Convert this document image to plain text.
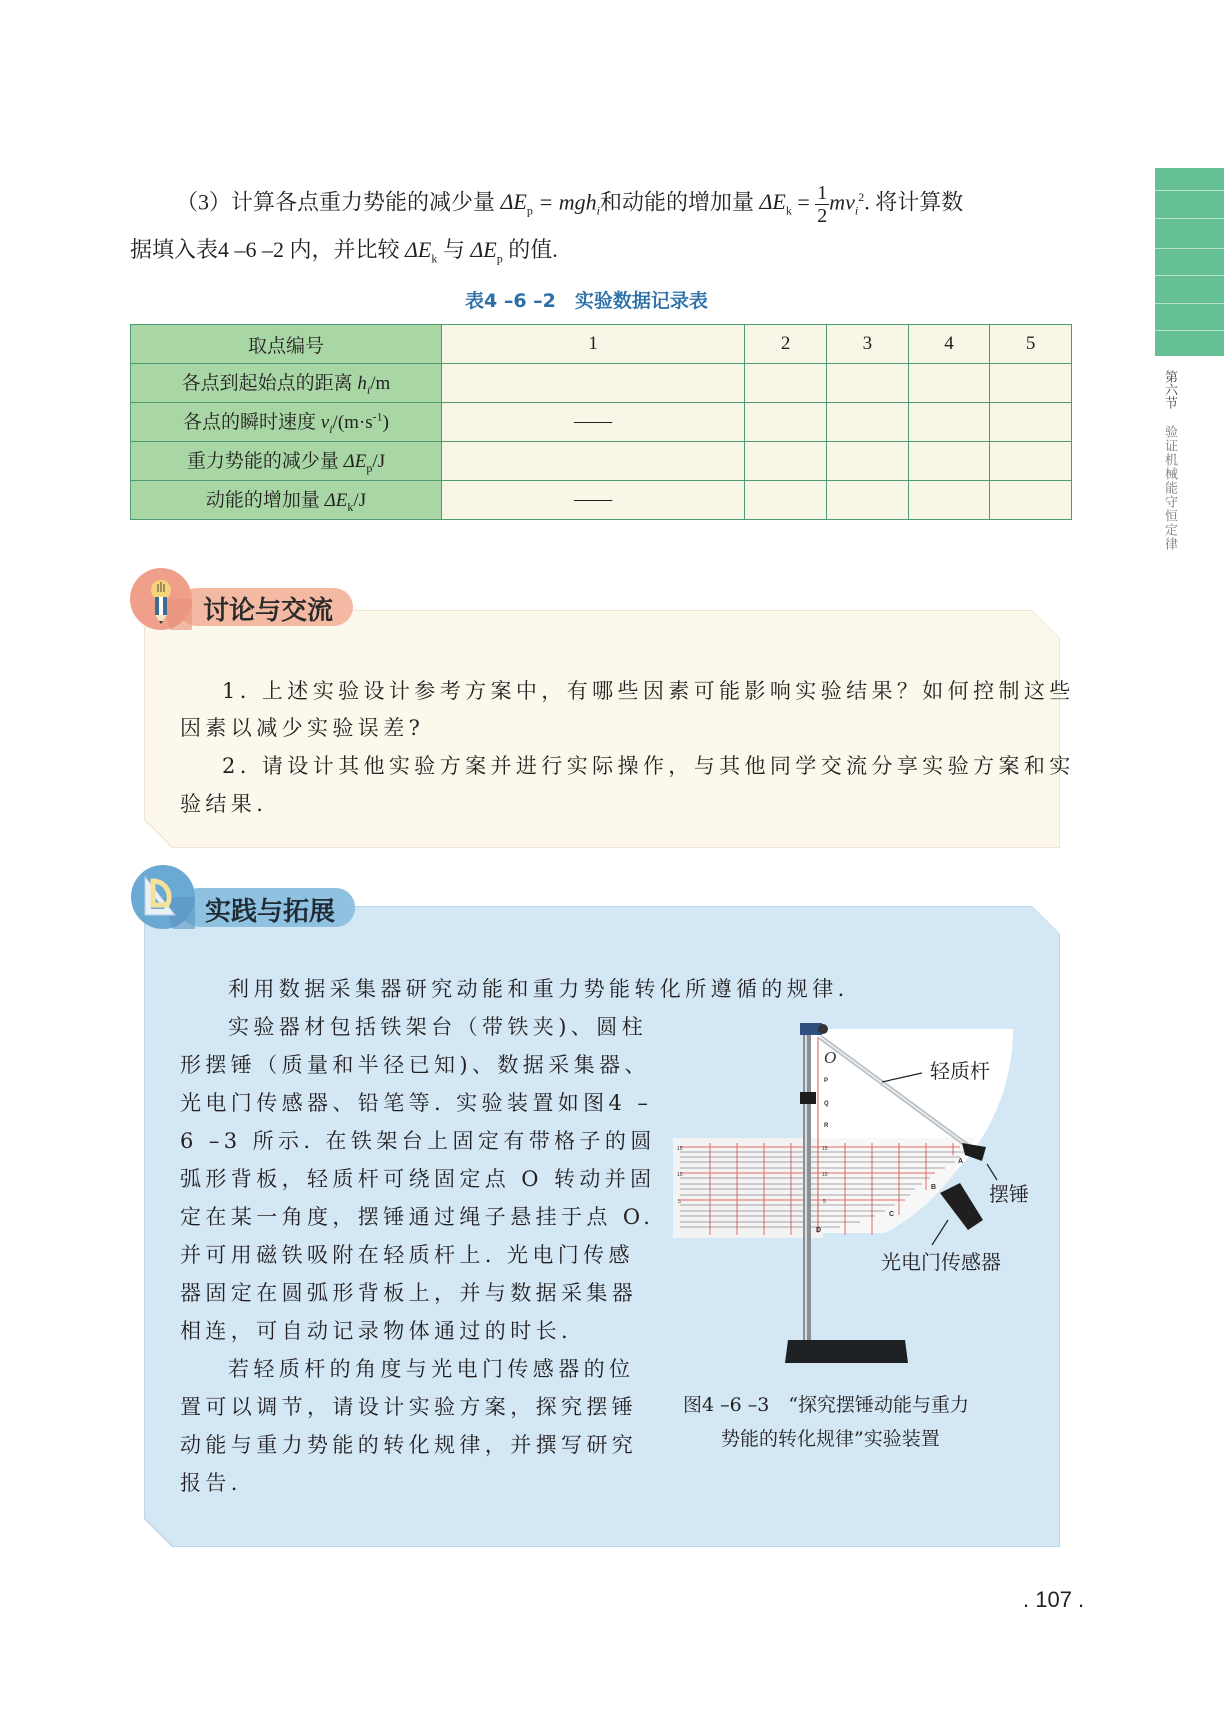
（3）计算各点重力势能的减少量 $\Delta E_p = mgh_i$和动能的增加量 $\Delta E_k = \frac{1}{2} mv_i^2$. 将计算数
据填入表4 –6 –2 内，并比较 $\Delta E_k$ 与 $\Delta E_p$ 的值.
第六节
验证机械能守恒定律
表4 –6 –2　实验数据记录表
取点编号	1	2	3	4	5
各点到起始点的距离 $h_i/m$					
各点的瞬时速度 $v_i/(m\cdot s^{-1})$	——				
重力势能的减少量 $\Delta E_p/J$					
动能的增加量 $\Delta E_k/J$	——				
讨论与交流
1. 上述实验设计参考方案中，有哪些因素可能影响实验结果？如何控制这些
因素以减少实验误差?
2. 请设计其他实验方案并进行实际操作，与其他同学交流分享实验方案和实
验结果.
实践与拓展
利用数据采集器研究动能和重力势能转化所遵循的规律.
实验器材包括铁架台（带铁夹)、圆柱
形摆锤（质量和半径已知)、数据采集器、
光电门传感器、铅笔等. 实验装置如图4 –
6 –3 所示. 在铁架台上固定有带格子的圆
弧形背板，轻质杆可绕固定点 O 转动并固
定在某一角度，摆锤通过绳子悬挂于点 O.
并可用磁铁吸附在轻质杆上. 光电门传感
器固定在圆弧形背板上，并与数据采集器
相连，可自动记录物体通过的时长.
若轻质杆的角度与光电门传感器的位
置可以调节，请设计实验方案，探究摆锤
动能与重力势能的转化规律，并撰写研究
报告.
O
P
Q
R
A
B
C
D
15
10
5
15
10
5
轻质杆
摆锤
光电门传感器
图4 –6 –3　“探究摆锤动能与重力
势能的转化规律”实验装置
. 107 .
